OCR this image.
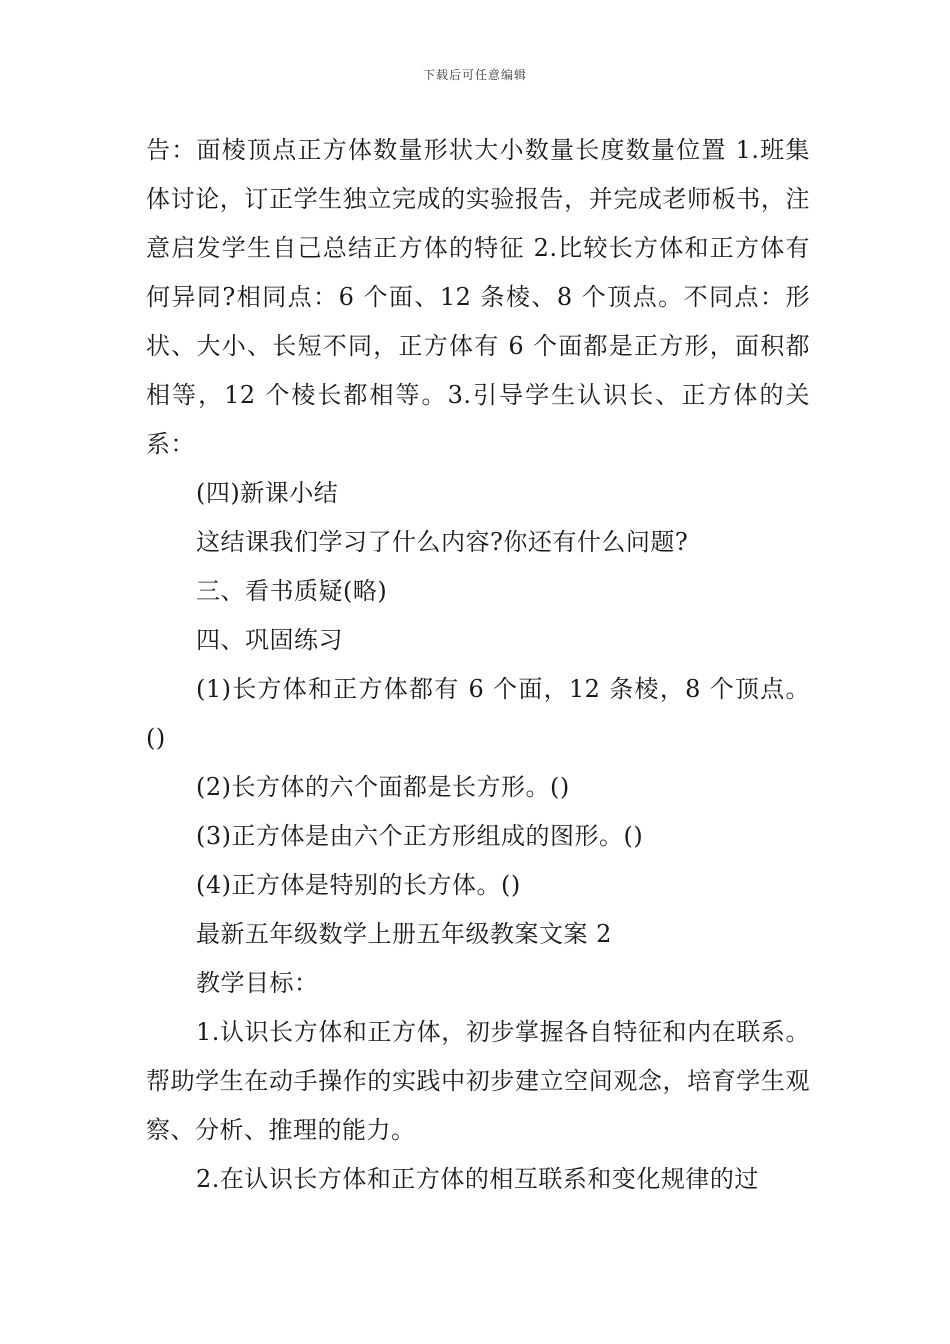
下载后可任意编辑

告：面棱顶点正方体数量形状大小数量长度数量位置 1.班集体讨论，订正学生独立完成的实验报告，并完成老师板书，注意启发学生自己总结正方体的特征 2.比较长方体和正方体有何异同?相同点：6 个面、12 条棱、8 个顶点。不同点：形状、大小、长短不同，正方体有 6 个面都是正方形，面积都相等，12 个棱长都相等。3.引导学生认识长、正方体的关系：

(四)新课小结

这结课我们学习了什么内容?你还有什么问题?

三、看书质疑(略)

四、巩固练习

(1)长方体和正方体都有 6 个面，12 条棱，8 个顶点。()

(2)长方体的六个面都是长方形。()

(3)正方体是由六个正方形组成的图形。()

(4)正方体是特别的长方体。()

最新五年级数学上册五年级教案文案 2

教学目标：

1.认识长方体和正方体，初步掌握各自特征和内在联系。帮助学生在动手操作的实践中初步建立空间观念，培育学生观察、分析、推理的能力。

2.在认识长方体和正方体的相互联系和变化规律的过
